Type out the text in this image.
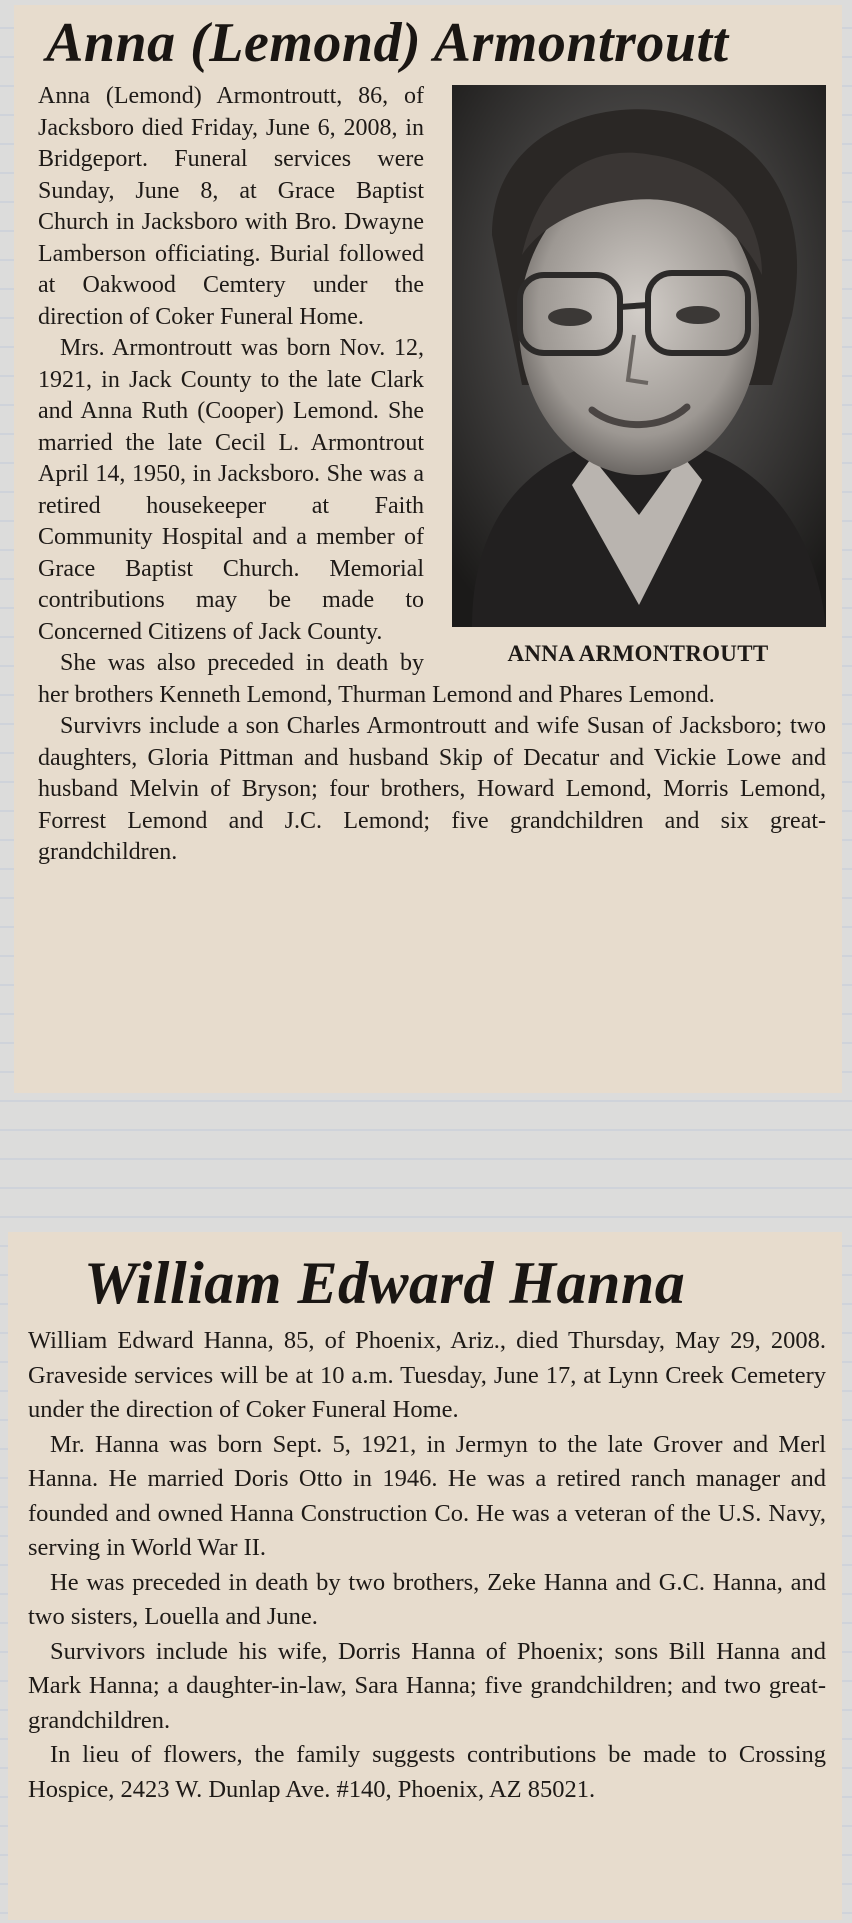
Anna (Lemond) Armontroutt
ANNA ARMONTROUTT

Anna (Lemond) Armontroutt, 86, of Jacksboro died Friday, June 6, 2008, in Bridgeport. Funeral services were Sunday, June 8, at Grace Baptist Church in Jacksboro with Bro. Dwayne Lamberson officiating. Burial followed at Oakwood Cemtery under the direction of Coker Funeral Home.

Mrs. Armontroutt was born Nov. 12, 1921, in Jack County to the late Clark and Anna Ruth (Cooper) Lemond. She married the late Cecil L. Armontrout April 14, 1950, in Jacksboro. She was a retired housekeeper at Faith Community Hospital and a member of Grace Baptist Church. Memorial contributions may be made to Concerned Citizens of Jack County.

She was also preceded in death by her brothers Kenneth Lemond, Thurman Lemond and Phares Lemond.

Survivrs include a son Charles Armontroutt and wife Susan of Jacksboro; two daughters, Gloria Pittman and husband Skip of Decatur and Vickie Lowe and husband Melvin of Bryson; four brothers, Howard Lemond, Morris Lemond, Forrest Lemond and J.C. Lemond; five grandchildren and six great-grandchildren.

William Edward Hanna

William Edward Hanna, 85, of Phoenix, Ariz., died Thursday, May 29, 2008. Graveside services will be at 10 a.m. Tuesday, June 17, at Lynn Creek Cemetery under the direction of Coker Funeral Home.

Mr. Hanna was born Sept. 5, 1921, in Jermyn to the late Grover and Merl Hanna. He married Doris Otto in 1946. He was a retired ranch manager and founded and owned Hanna Construction Co. He was a veteran of the U.S. Navy, serving in World War II.

He was preceded in death by two brothers, Zeke Hanna and G.C. Hanna, and two sisters, Louella and June.

Survivors include his wife, Dorris Hanna of Phoenix; sons Bill Hanna and Mark Hanna; a daughter-in-law, Sara Hanna; five grandchildren; and two great-grandchildren.

In lieu of flowers, the family suggests contributions be made to Crossing Hospice, 2423 W. Dunlap Ave. #140, Phoenix, AZ 85021.
